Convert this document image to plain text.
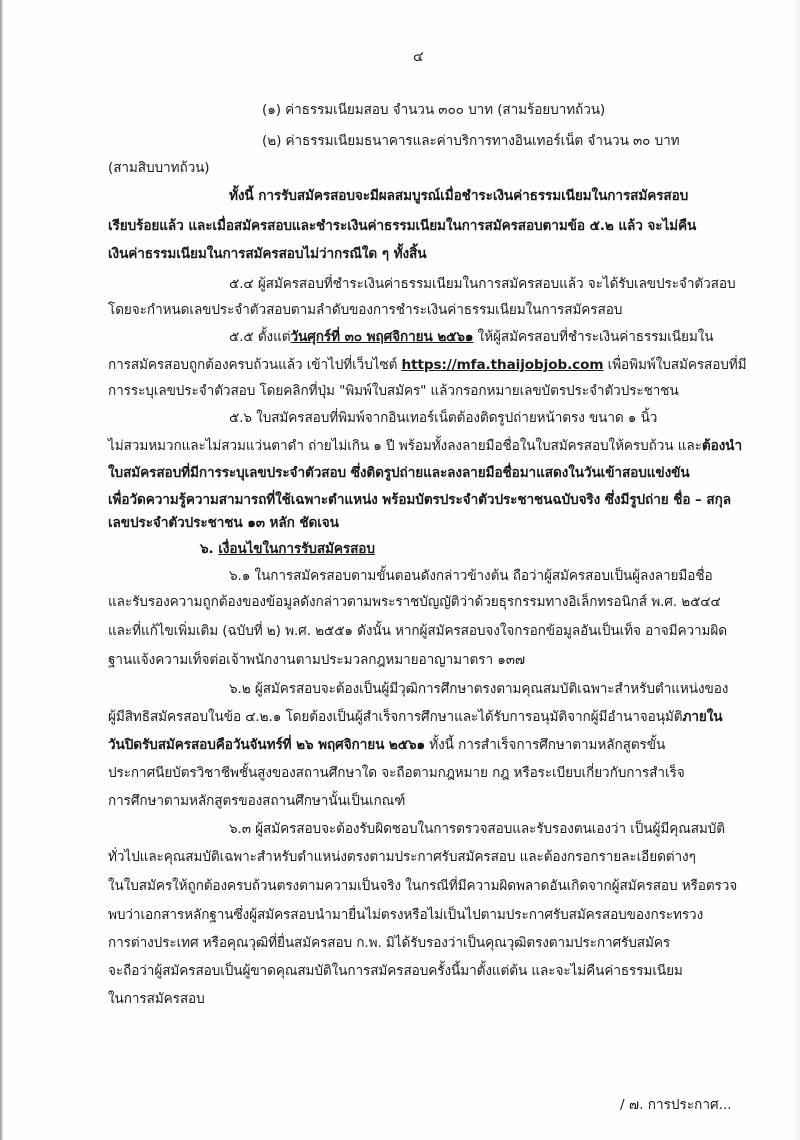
๔
(๑) ค่าธรรมเนียมสอบ จำนวน ๓๐๐ บาท (สามร้อยบาทถ้วน)
(๒) ค่าธรรมเนียมธนาคารและค่าบริการทางอินเทอร์เน็ต จำนวน ๓๐ บาท
(สามสิบบาทถ้วน)
ทั้งนี้ การรับสมัครสอบจะมีผลสมบูรณ์เมื่อชำระเงินค่าธรรมเนียมในการสมัครสอบ
เรียบร้อยแล้ว และเมื่อสมัครสอบและชำระเงินค่าธรรมเนียมในการสมัครสอบตามข้อ ๕.๒ แล้ว จะไม่คืน
เงินค่าธรรมเนียมในการสมัครสอบไม่ว่ากรณีใด ๆ ทั้งสิ้น
๕.๔ ผู้สมัครสอบที่ชำระเงินค่าธรรมเนียมในการสมัครสอบแล้ว จะได้รับเลขประจำตัวสอบ
โดยจะกำหนดเลขประจำตัวสอบตามลำดับของการชำระเงินค่าธรรมเนียมในการสมัครสอบ
๕.๕ ตั้งแต่วันศุกร์ที่ ๓๐ พฤศจิกายน ๒๕๖๑ ให้ผู้สมัครสอบที่ชำระเงินค่าธรรมเนียมใน
การสมัครสอบถูกต้องครบถ้วนแล้ว เข้าไปที่เว็บไซต์ https://mfa.thaijobjob.com เพื่อพิมพ์ใบสมัครสอบที่มี
การระบุเลขประจำตัวสอบ โดยคลิกที่ปุ่ม "พิมพ์ใบสมัคร" แล้วกรอกหมายเลขบัตรประจำตัวประชาชน
๕.๖ ใบสมัครสอบที่พิมพ์จากอินเทอร์เน็ตต้องติดรูปถ่ายหน้าตรง ขนาด ๑ นิ้ว
ไม่สวมหมวกและไม่สวมแว่นตาดำ ถ่ายไม่เกิน ๑ ปี พร้อมทั้งลงลายมือชื่อในใบสมัครสอบให้ครบถ้วน และต้องนำ
ใบสมัครสอบที่มีการระบุเลขประจำตัวสอบ ซึ่งติดรูปถ่ายและลงลายมือชื่อมาแสดงในวันเข้าสอบแข่งขัน
เพื่อวัดความรู้ความสามารถที่ใช้เฉพาะตำแหน่ง พร้อมบัตรประจำตัวประชาชนฉบับจริง ซึ่งมีรูปถ่าย ชื่อ – สกุล
เลขประจำตัวประชาชน ๑๓ หลัก ชัดเจน
๖. เงื่อนไขในการรับสมัครสอบ
๖.๑ ในการสมัครสอบตามขั้นตอนดังกล่าวข้างต้น ถือว่าผู้สมัครสอบเป็นผู้ลงลายมือชื่อ
และรับรองความถูกต้องของข้อมูลดังกล่าวตามพระราชบัญญัติว่าด้วยธุรกรรมทางอิเล็กทรอนิกส์ พ.ศ. ๒๕๔๔
และที่แก้ไขเพิ่มเติม (ฉบับที่ ๒) พ.ศ. ๒๕๕๑ ดังนั้น หากผู้สมัครสอบจงใจกรอกข้อมูลอันเป็นเท็จ อาจมีความผิด
ฐานแจ้งความเท็จต่อเจ้าพนักงานตามประมวลกฎหมายอาญามาตรา ๑๓๗
๖.๒ ผู้สมัครสอบจะต้องเป็นผู้มีวุฒิการศึกษาตรงตามคุณสมบัติเฉพาะสำหรับตำแหน่งของ
ผู้มีสิทธิสมัครสอบในข้อ ๔.๒.๑ โดยต้องเป็นผู้สำเร็จการศึกษาและได้รับการอนุมัติจากผู้มีอำนาจอนุมัติภายใน
วันปิดรับสมัครสอบคือวันจันทร์ที่ ๒๖ พฤศจิกายน ๒๕๖๑ ทั้งนี้ การสำเร็จการศึกษาตามหลักสูตรขั้น
ประกาศนียบัตรวิชาชีพชั้นสูงของสถานศึกษาใด จะถือตามกฎหมาย กฎ หรือระเบียบเกี่ยวกับการสำเร็จ
การศึกษาตามหลักสูตรของสถานศึกษานั้นเป็นเกณฑ์
๖.๓ ผู้สมัครสอบจะต้องรับผิดชอบในการตรวจสอบและรับรองตนเองว่า เป็นผู้มีคุณสมบัติ
ทั่วไปและคุณสมบัติเฉพาะสำหรับตำแหน่งตรงตามประกาศรับสมัครสอบ และต้องกรอกรายละเอียดต่างๆ
ในใบสมัครให้ถูกต้องครบถ้วนตรงตามความเป็นจริง ในกรณีที่มีความผิดพลาดอันเกิดจากผู้สมัครสอบ หรือตรวจ
พบว่าเอกสารหลักฐานซึ่งผู้สมัครสอบนำมายื่นไม่ตรงหรือไม่เป็นไปตามประกาศรับสมัครสอบของกระทรวง
การต่างประเทศ หรือคุณวุฒิที่ยื่นสมัครสอบ ก.พ. มิได้รับรองว่าเป็นคุณวุฒิตรงตามประกาศรับสมัคร
จะถือว่าผู้สมัครสอบเป็นผู้ขาดคุณสมบัติในการสมัครสอบครั้งนี้มาตั้งแต่ต้น และจะไม่คืนค่าธรรมเนียม
ในการสมัครสอบ
/ ๗. การประกาศ...
